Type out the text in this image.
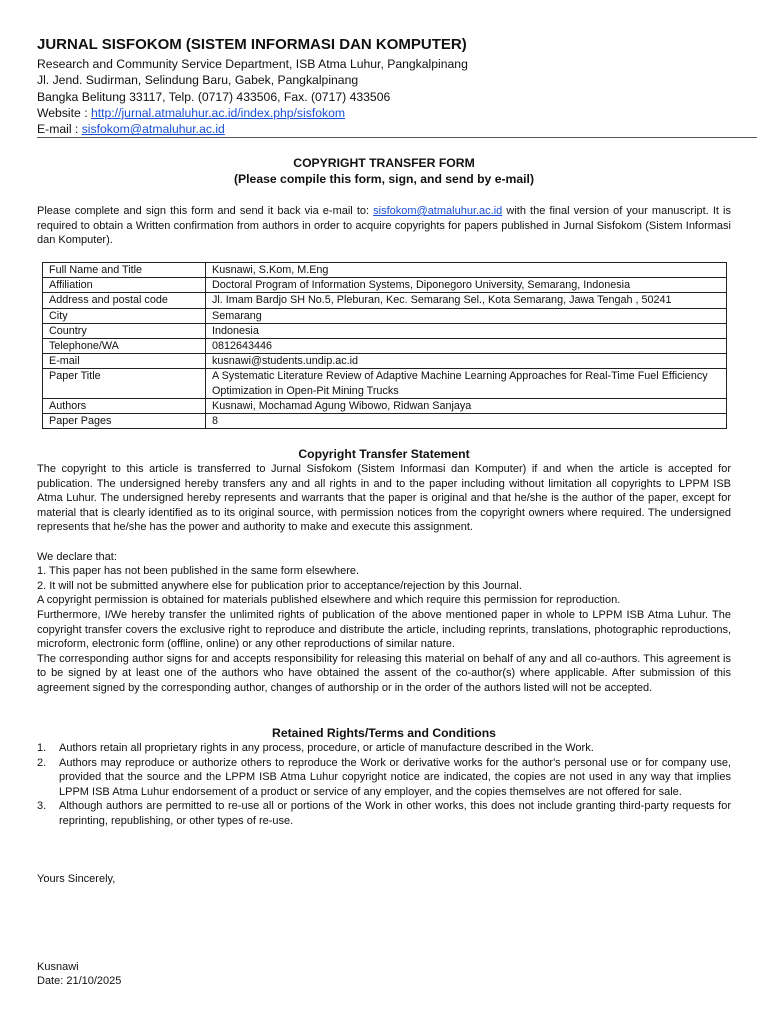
JURNAL SISFOKOM (SISTEM INFORMASI DAN KOMPUTER)

Research and Community Service Department, ISB Atma Luhur, Pangkalpinang

Jl. Jend. Sudirman, Selindung Baru, Gabek, Pangkalpinang

Bangka Belitung 33117, Telp. (0717) 433506, Fax. (0717) 433506

Website : http://jurnal.atmaluhur.ac.id/index.php/sisfokom

E-mail : sisfokom@atmaluhur.ac.id

COPYRIGHT TRANSFER FORM
(Please compile this form, sign, and send by e-mail)

Please complete and sign this form and send it back via e-mail to: sisfokom@atmaluhur.ac.id with the final version of your manuscript. It is required to obtain a Written confirmation from authors in order to acquire copyrights for papers published in Jurnal Sisfokom (Sistem Informasi dan Komputer).

Full Name and Title	Kusnawi, S.Kom, M.Eng
Affiliation	Doctoral Program of Information Systems, Diponegoro University, Semarang, Indonesia
Address and postal code	Jl. Imam Bardjo SH No.5, Pleburan, Kec. Semarang Sel., Kota Semarang, Jawa Tengah , 50241
City	Semarang
Country	Indonesia
Telephone/WA	0812643446
E-mail	kusnawi@students.undip.ac.id
Paper Title	A Systematic Literature Review of Adaptive Machine Learning Approaches for Real-Time Fuel Efficiency Optimization in Open-Pit Mining Trucks
Authors	Kusnawi, Mochamad Agung Wibowo, Ridwan Sanjaya
Paper Pages	8

Copyright Transfer Statement

The copyright to this article is transferred to Jurnal Sisfokom (Sistem Informasi dan Komputer) if and when the article is accepted for publication. The undersigned hereby transfers any and all rights in and to the paper including without limitation all copyrights to LPPM ISB Atma Luhur. The undersigned hereby represents and warrants that the paper is original and that he/she is the author of the paper, except for material that is clearly identified as to its original source, with permission notices from the copyright owners where required. The undersigned represents that he/she has the power and authority to make and execute this assignment.

We declare that:

1. This paper has not been published in the same form elsewhere.

2. It will not be submitted anywhere else for publication prior to acceptance/rejection by this Journal.

A copyright permission is obtained for materials published elsewhere and which require this permission for reproduction.

Furthermore, I/We hereby transfer the unlimited rights of publication of the above mentioned paper in whole to LPPM ISB Atma Luhur. The copyright transfer covers the exclusive right to reproduce and distribute the article, including reprints, translations, photographic reproductions, microform, electronic form (offline, online) or any other reproductions of similar nature.

The corresponding author signs for and accepts responsibility for releasing this material on behalf of any and all co-authors. This agreement is to be signed by at least one of the authors who have obtained the assent of the co-author(s) where applicable. After submission of this agreement signed by the corresponding author, changes of authorship or in the order of the authors listed will not be accepted.

Retained Rights/Terms and Conditions

1. Authors retain all proprietary rights in any process, procedure, or article of manufacture described in the Work.
2. Authors may reproduce or authorize others to reproduce the Work or derivative works for the author's personal use or for company use, provided that the source and the LPPM ISB Atma Luhur copyright notice are indicated, the copies are not used in any way that implies LPPM ISB Atma Luhur endorsement of a product or service of any employer, and the copies themselves are not offered for sale.
3. Although authors are permitted to re-use all or portions of the Work in other works, this does not include granting third-party requests for reprinting, republishing, or other types of re-use.

Yours Sincerely,

Kusnawi

Date: 21/10/2025
